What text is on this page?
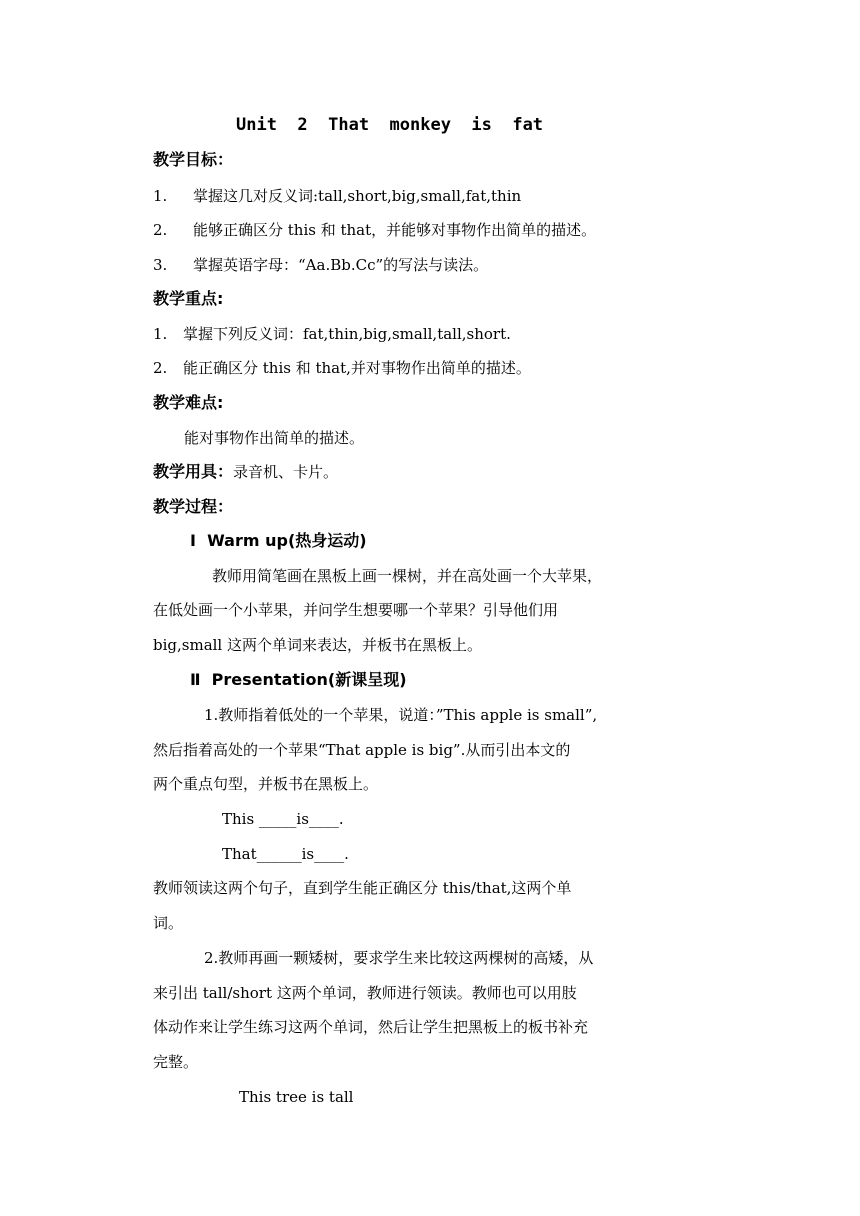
Unit  2  That  monkey  is  fat
教学目标：
1. 掌握这几对反义词:tall,short,big,small,fat,thin
2. 能够正确区分 this 和 that，并能够对事物作出简单的描述。
3. 掌握英语字母：“Aa.Bb.Cc”的写法与读法。
教学重点:
1. 掌握下列反义词：fat,thin,big,small,tall,short.
2. 能正确区分 this 和 that,并对事物作出简单的描述。
教学难点:
能对事物作出简单的描述。
教学用具：录音机、卡片。
教学过程：
Ⅰ  Warm up(热身运动)
教师用简笔画在黑板上画一棵树，并在高处画一个大苹果，
在低处画一个小苹果，并问学生想要哪一个苹果？引导他们用
big,small 这两个单词来表达，并板书在黑板上。
Ⅱ  Presentation(新课呈现)
1.教师指着低处的一个苹果，说道：”This apple is small”,
然后指着高处的一个苹果“That apple is big”.从而引出本文的
两个重点句型，并板书在黑板上。
This _____is____.
That______is____.
教师领读这两个句子，直到学生能正确区分 this/that,这两个单
词。
2.教师再画一颗矮树，要求学生来比较这两棵树的高矮，从
来引出 tall/short 这两个单词，教师进行领读。教师也可以用肢
体动作来让学生练习这两个单词，然后让学生把黑板上的板书补充
完整。
This tree is tall
